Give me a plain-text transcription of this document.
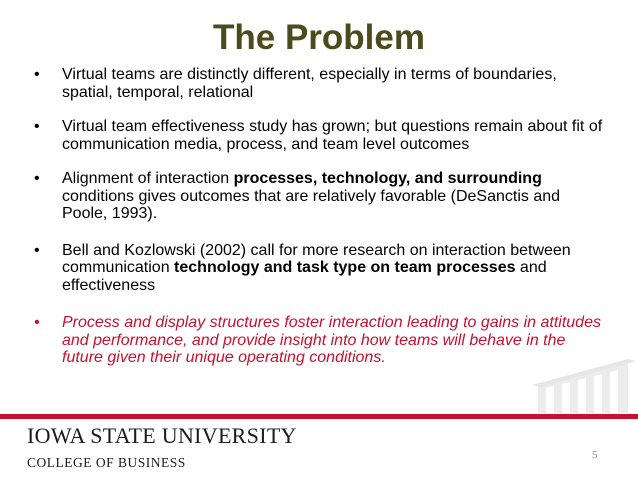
The Problem
• Virtual teams are distinctly different, especially in terms of boundaries, spatial, temporal, relational
• Virtual team effectiveness study has grown; but questions remain about fit of communication media, process, and team level outcomes
• Alignment of interaction processes, technology, and surrounding conditions gives outcomes that are relatively favorable (DeSanctis and Poole, 1993).
• Bell and Kozlowski (2002) call for more research on interaction between communication technology and task type on team processes and effectiveness
• Process and display structures foster interaction leading to gains in attitudes and performance, and provide insight into how teams will behave in the future given their unique operating conditions.
IOWA STATE UNIVERSITY
COLLEGE OF BUSINESS	5
